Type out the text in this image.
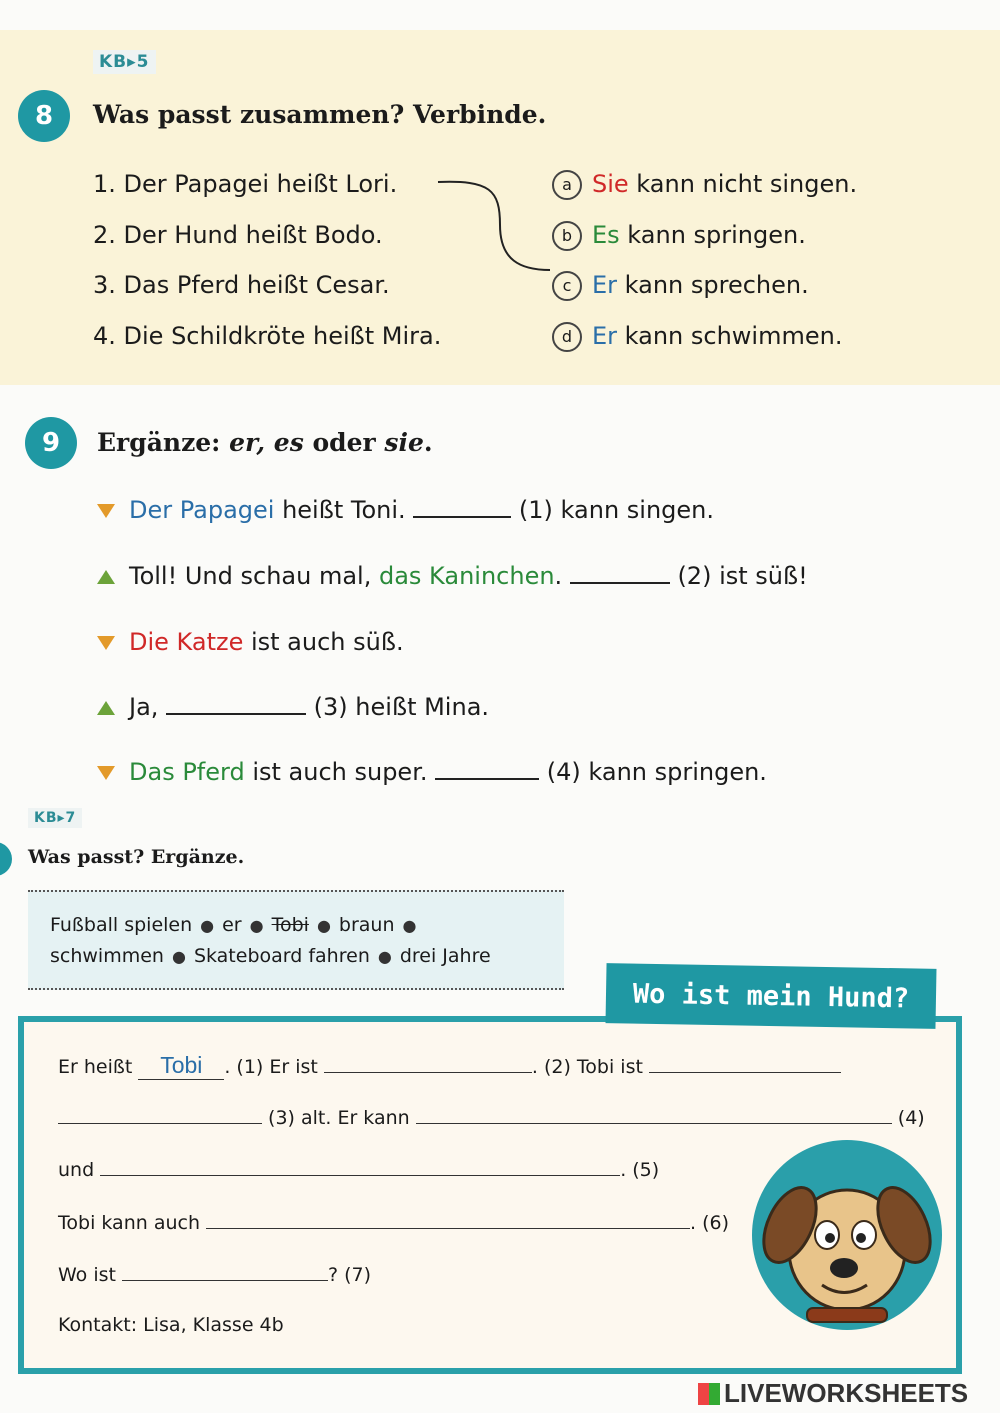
KB▸5
8	Was passt zusammen? Verbinde.
1. Der Papagei heißt Lori.
2. Der Hund heißt Bodo.
3. Das Pferd heißt Cesar.
4. Die Schildkröte heißt Mira.
a Sie kann nicht singen.
b Es kann springen.
c Er kann sprechen.
d Er kann schwimmen.
9	Ergänze: er, es oder sie.
Der Papagei heißt Toni.	(1) kann singen.
Toll! Und schau mal, das Kaninchen.	(2) ist süß!
Die Katze ist auch süß.
Ja,	(3) heißt Mina.
Das Pferd ist auch super.	(4) kann springen.
KB▸7
Was passt? Ergänze.
Fußball spielen ● er ● Tobi ● braun ●
schwimmen ● Skateboard fahren ● drei Jahre
Er heißt Tobi . (1) Er ist	. (2) Tobi ist
(3) alt. Er kann	(4)
und	. (5)
Tobi kann auch	. (6)
Wo ist	? (7)
Kontakt: Lisa, Klasse 4b
Wo ist mein Hund?
LIVEWORKSHEETS
